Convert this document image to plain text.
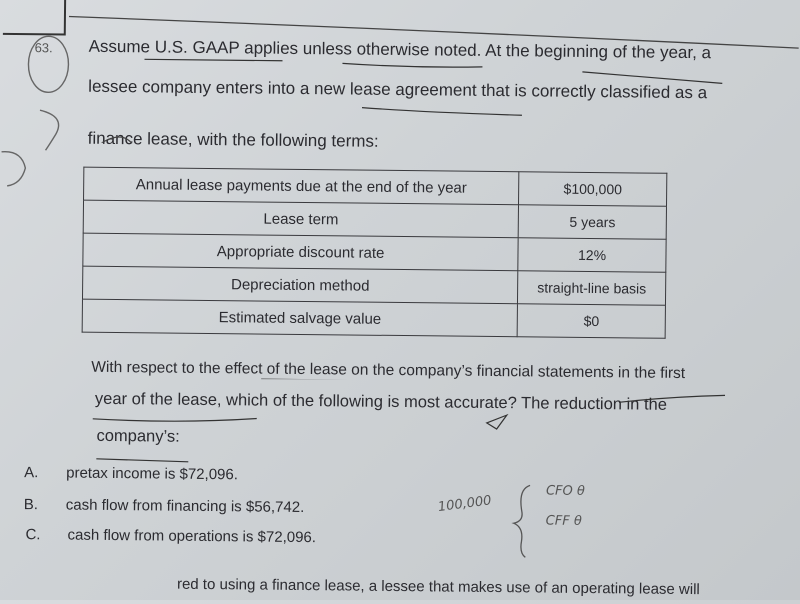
63. Assume U.S. GAAP applies unless otherwise noted. At the beginning of the year, a
lessee company enters into a new lease agreement that is correctly classified as a
finance lease, with the following terms:
Annual lease payments due at the end of the year	$100,000
Lease term	5 years
Appropriate discount rate	12%
Depreciation method	straight-line basis
Estimated salvage value	$0
With respect to the effect of the lease on the company’s financial statements in the first
year of the lease, which of the following is most accurate? The reduction in the
company’s:
A. pretax income is $72,096.
B. cash flow from financing is $56,742.
C. cash flow from operations is $72,096.
100,000
CFO θ
CFF θ
red to using a finance lease, a lessee that makes use of an operating lease will
